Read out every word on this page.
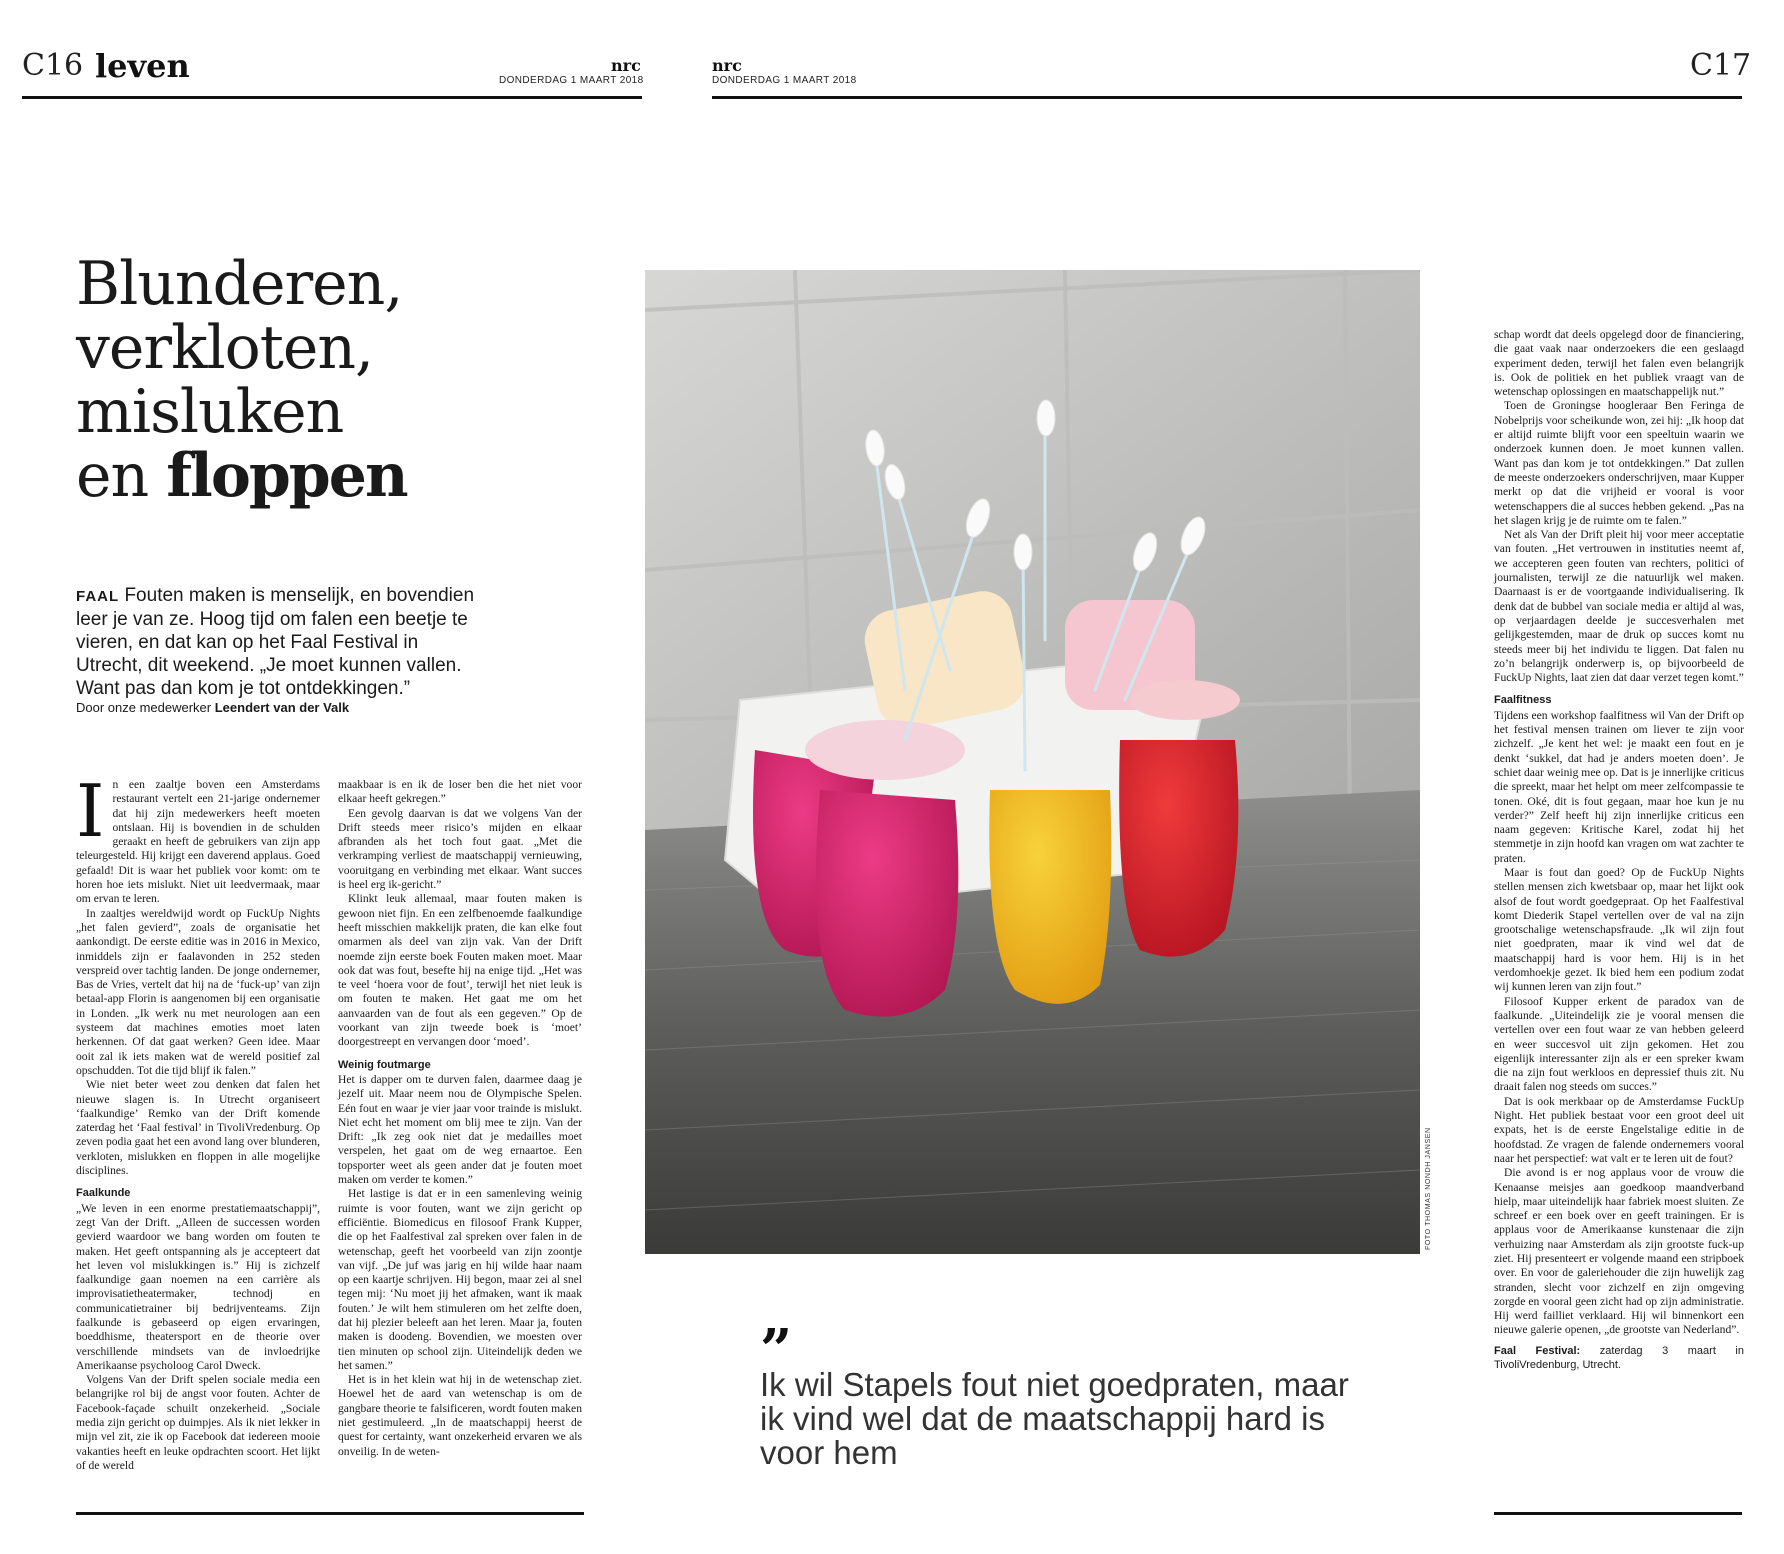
C16 leven	nrc
DONDERDAG 1 MAART 2018
nrc
DONDERDAG 1 MAART 2018	C17
Blunderen,
verkloten,
misluken
en floppen
FAAL Fouten maken is menselijk, en bovendien leer je van ze. Hoog tijd om falen een beetje te vieren, en dat kan op het Faal Festival in Utrecht, dit weekend. „Je moet kunnen vallen. Want pas dan kom je tot ontdekkingen.”
Door onze medewerker Leendert van der Valk

In een zaaltje boven een Amsterdams restaurant vertelt een 21-jarige ondernemer dat hij zijn medewerkers heeft moeten ontslaan. Hij is bovendien in de schulden geraakt en heeft de gebruikers van zijn app teleurgesteld. Hij krijgt een daverend applaus. Goed gefaald! Dit is waar het publiek voor komt: om te horen hoe iets mislukt. Niet uit leedvermaak, maar om ervan te leren.

In zaaltjes wereldwijd wordt op FuckUp Nights „het falen gevierd”, zoals de organisatie het aankondigt. De eerste editie was in 2016 in Mexico, inmiddels zijn er faalavonden in 252 steden verspreid over tachtig landen. De jonge ondernemer, Bas de Vries, vertelt dat hij na de ‘fuck-up’ van zijn betaal-app Florin is aangenomen bij een organisatie in Londen. „Ik werk nu met neurologen aan een systeem dat machines emoties moet laten herkennen. Of dat gaat werken? Geen idee. Maar ooit zal ik iets maken wat de wereld positief zal opschudden. Tot die tijd blijf ik falen.”

Wie niet beter weet zou denken dat falen het nieuwe slagen is. In Utrecht organiseert ‘faalkundige’ Remko van der Drift komende zaterdag het ‘Faal festival’ in TivoliVredenburg. Op zeven podia gaat het een avond lang over blunderen, verkloten, mislukken en floppen in alle mogelijke disciplines.

Faalkunde

„We leven in een enorme prestatiemaatschappij”, zegt Van der Drift. „Alleen de successen worden gevierd waardoor we bang worden om fouten te maken. Het geeft ontspanning als je accepteert dat het leven vol mislukkingen is.” Hij is zichzelf faalkundige gaan noemen na een carrière als improvisatietheatermaker, technodj en communicatietrainer bij bedrijventeams. Zijn faalkunde is gebaseerd op eigen ervaringen, boeddhisme, theatersport en de theorie over verschillende mindsets van de invloedrijke Amerikaanse psycholoog Carol Dweck.

Volgens Van der Drift spelen sociale media een belangrijke rol bij de angst voor fouten. Achter de Facebook-façade schuilt onzekerheid. „Sociale media zijn gericht op duimpjes. Als ik niet lekker in mijn vel zit, zie ik op Facebook dat iedereen mooie vakanties heeft en leuke opdrachten scoort. Het lijkt of de wereld

maakbaar is en ik de loser ben die het niet voor elkaar heeft gekregen.”

Een gevolg daarvan is dat we volgens Van der Drift steeds meer risico’s mijden en elkaar afbranden als het toch fout gaat. „Met die verkramping verliest de maatschappij vernieuwing, vooruitgang en verbinding met elkaar. Want succes is heel erg ik-gericht.”

Klinkt leuk allemaal, maar fouten maken is gewoon niet fijn. En een zelfbenoemde faalkundige heeft misschien makkelijk praten, die kan elke fout omarmen als deel van zijn vak. Van der Drift noemde zijn eerste boek Fouten maken moet. Maar ook dat was fout, besefte hij na enige tijd. „Het was te veel ‘hoera voor de fout’, terwijl het niet leuk is om fouten te maken. Het gaat me om het aanvaarden van de fout als een gegeven.” Op de voorkant van zijn tweede boek is ‘moet’ doorgestreept en vervangen door ‘moed’.

Weinig foutmarge

Het is dapper om te durven falen, daarmee daag je jezelf uit. Maar neem nou de Olympische Spelen. Eén fout en waar je vier jaar voor trainde is mislukt. Niet echt het moment om blij mee te zijn. Van der Drift: „Ik zeg ook niet dat je medailles moet verspelen, het gaat om de weg ernaartoe. Een topsporter weet als geen ander dat je fouten moet maken om verder te komen.”

Het lastige is dat er in een samenleving weinig ruimte is voor fouten, want we zijn gericht op efficiëntie. Biomedicus en filosoof Frank Kupper, die op het Faalfestival zal spreken over falen in de wetenschap, geeft het voorbeeld van zijn zoontje van vijf. „De juf was jarig en hij wilde haar naam op een kaartje schrijven. Hij begon, maar zei al snel tegen mij: ‘Nu moet jij het afmaken, want ik maak fouten.’ Je wilt hem stimuleren om het zelfte doen, dat hij plezier beleeft aan het leren. Maar ja, fouten maken is doodeng. Bovendien, we moesten over tien minuten op school zijn. Uiteindelijk deden we het samen.”

Het is in het klein wat hij in de wetenschap ziet. Hoewel het de aard van wetenschap is om de gangbare theorie te falsificeren, wordt fouten maken niet gestimuleerd. „In de maatschappij heerst de quest for certainty, want onzekerheid ervaren we als onveilig. In de weten-

FOTO THOMAS NONDH JANSEN
”
Ik wil Stapels fout niet goedpraten, maar ik vind wel dat de maatschappij hard is voor hem

schap wordt dat deels opgelegd door de financiering, die gaat vaak naar onderzoekers die een geslaagd experiment deden, terwijl het falen even belangrijk is. Ook de politiek en het publiek vraagt van de wetenschap oplossingen en maatschappelijk nut.”

Toen de Groningse hoogleraar Ben Feringa de Nobelprijs voor scheikunde won, zei hij: „Ik hoop dat er altijd ruimte blijft voor een speeltuin waarin we onderzoek kunnen doen. Je moet kunnen vallen. Want pas dan kom je tot ontdekkingen.” Dat zullen de meeste onderzoekers onderschrijven, maar Kupper merkt op dat die vrijheid er vooral is voor wetenschappers die al succes hebben gekend. „Pas na het slagen krijg je de ruimte om te falen.”

Net als Van der Drift pleit hij voor meer acceptatie van fouten. „Het vertrouwen in instituties neemt af, we accepteren geen fouten van rechters, politici of journalisten, terwijl ze die natuurlijk wel maken. Daarnaast is er de voortgaande individualisering. Ik denk dat de bubbel van sociale media er altijd al was, op verjaardagen deelde je succesverhalen met gelijkgestemden, maar de druk op succes komt nu steeds meer bij het individu te liggen. Dat falen nu zo’n belangrijk onderwerp is, op bijvoorbeeld de FuckUp Nights, laat zien dat daar verzet tegen komt.”

Faalfitness

Tijdens een workshop faalfitness wil Van der Drift op het festival mensen trainen om liever te zijn voor zichzelf. „Je kent het wel: je maakt een fout en je denkt ‘sukkel, dat had je anders moeten doen’. Je schiet daar weinig mee op. Dat is je innerlijke criticus die spreekt, maar het helpt om meer zelfcompassie te tonen. Oké, dit is fout gegaan, maar hoe kun je nu verder?” Zelf heeft hij zijn innerlijke criticus een naam gegeven: Kritische Karel, zodat hij het stemmetje in zijn hoofd kan vragen om wat zachter te praten.

Maar is fout dan goed? Op de FuckUp Nights stellen mensen zich kwetsbaar op, maar het lijkt ook alsof de fout wordt goedgepraat. Op het Faalfestival komt Diederik Stapel vertellen over de val na zijn grootschalige wetenschapsfraude. „Ik wil zijn fout niet goedpraten, maar ik vind wel dat de maatschappij hard is voor hem. Hij is in het verdomhoekje gezet. Ik bied hem een podium zodat wij kunnen leren van zijn fout.”

Filosoof Kupper erkent de paradox van de faalkunde. „Uiteindelijk zie je vooral mensen die vertellen over een fout waar ze van hebben geleerd en weer succesvol uit zijn gekomen. Het zou eigenlijk interessanter zijn als er een spreker kwam die na zijn fout werkloos en depressief thuis zit. Nu draait falen nog steeds om succes.”

Dat is ook merkbaar op de Amsterdamse FuckUp Night. Het publiek bestaat voor een groot deel uit expats, het is de eerste Engelstalige editie in de hoofdstad. Ze vragen de falende ondernemers vooral naar het perspectief: wat valt er te leren uit de fout?

Die avond is er nog applaus voor de vrouw die Kenaanse meisjes aan goedkoop maandverband hielp, maar uiteindelijk haar fabriek moest sluiten. Ze schreef er een boek over en geeft trainingen. Er is applaus voor de Amerikaanse kunstenaar die zijn verhuizing naar Amsterdam als zijn grootste fuck-up ziet. Hij presenteert er volgende maand een stripboek over. En voor de galeriehouder die zijn huwelijk zag stranden, slecht voor zichzelf en zijn omgeving zorgde en vooral geen zicht had op zijn administratie. Hij werd failliet verklaard. Hij wil binnenkort een nieuwe galerie openen, „de grootste van Nederland”.

Faal Festival: zaterdag 3 maart in TivoliVredenburg, Utrecht.
